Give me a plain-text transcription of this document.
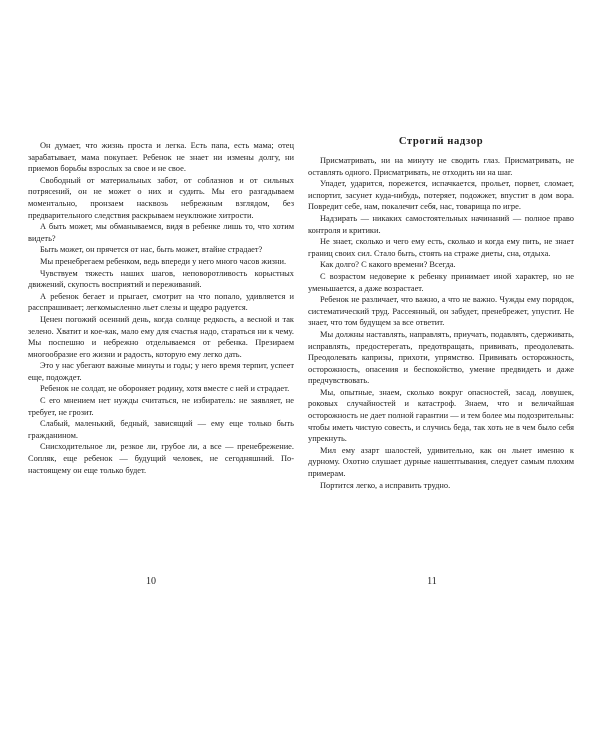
Он думает, что жизнь проста и легка. Есть папа, есть мама; отец зарабатывает, мама покупает. Ребенок не знает ни измены долгу, ни приемов борьбы взрослых за свое и не свое.

Свободный от материальных забот, от соблазнов и от сильных потрясений, он не может о них и судить. Мы его разгадываем моментально, пронзаем насквозь небрежным взглядом, без предварительного следствия раскрываем неуклюжие хитрости.

А быть может, мы обманываемся, видя в ребенке лишь то, что хотим видеть?

Быть может, он прячется от нас, быть может, втайне страдает?

Мы пренебрегаем ребенком, ведь впереди у него много часов жизни.

Чувствуем тяжесть наших шагов, неповоротливость корыстных движений, скупость восприятий и переживаний.

А ребенок бегает и прыгает, смотрит на что попало, удивляется и расспрашивает; легкомысленно льет слезы и щедро радуется.

Ценен погожий осенний день, когда солнце редкость, а весной и так зелено. Хватит и кое-как, мало ему для счастья надо, стараться ни к чему. Мы поспешно и небрежно отделываемся от ребенка. Презираем многообразие его жизни и радость, которую ему легко дать.

Это у нас убегают важные минуты и годы; у него время терпит, успеет еще, подождет.

Ребенок не солдат, не обороняет родину, хотя вместе с ней и страдает.

С его мнением нет нужды считаться, не избиратель: не заявляет, не требует, не грозит.

Слабый, маленький, бедный, зависящий — ему еще только быть гражданином.

Снисходительное ли, резкое ли, грубое ли, а все — пренебрежение. Сопляк, еще ребенок — будущий человек, не сегодняшний. По-настоящему он еще только будет.

10
Строгий надзор

Присматривать, ни на минуту не сводить глаз. Присматривать, не оставлять одного. Присматривать, не отходить ни на шаг.

Упадет, ударится, порежется, испачкается, прольет, порвет, сломает, испортит, засунет куда-нибудь, потеряет, подожжет, впустит в дом вора. Повредит себе, нам, покалечит себя, нас, товарища по игре.

Надзирать — никаких самостоятельных начинаний — полное право контроля и критики.

Не знает, сколько и чего ему есть, сколько и когда ему пить, не знает границ своих сил. Стало быть, стоять на страже диеты, сна, отдыха.

Как долго? С какого времени? Всегда.

С возрастом недоверие к ребенку принимает иной характер, но не уменьшается, а даже возрастает.

Ребенок не различает, что важно, а что не важно. Чужды ему порядок, систематический труд. Рассеянный, он забудет, пренебрежет, упустит. Не знает, что том будущем за все ответит.

Мы должны наставлять, направлять, приучать, подавлять, сдерживать, исправлять, предостерегать, предотвращать, прививать, преодолевать. Преодолевать капризы, прихоти, упрямство. Прививать осторожность, осторожность, опасения и беспокойство, умение предвидеть и даже предчувствовать.

Мы, опытные, знаем, сколько вокруг опасностей, засад, ловушек, роковых случайностей и катастроф. Знаем, что и величайшая осторожность не дает полной гарантии — и тем более мы подозрительны: чтобы иметь чистую совесть, и случись беда, так хоть не в чем было себя упрекнуть.

Мил ему азарт шалостей, удивительно, как он льнет именно к дурному. Охотно слушает дурные нашептывания, следует самым плохим примерам.

Портится легко, а исправить трудно.

11
